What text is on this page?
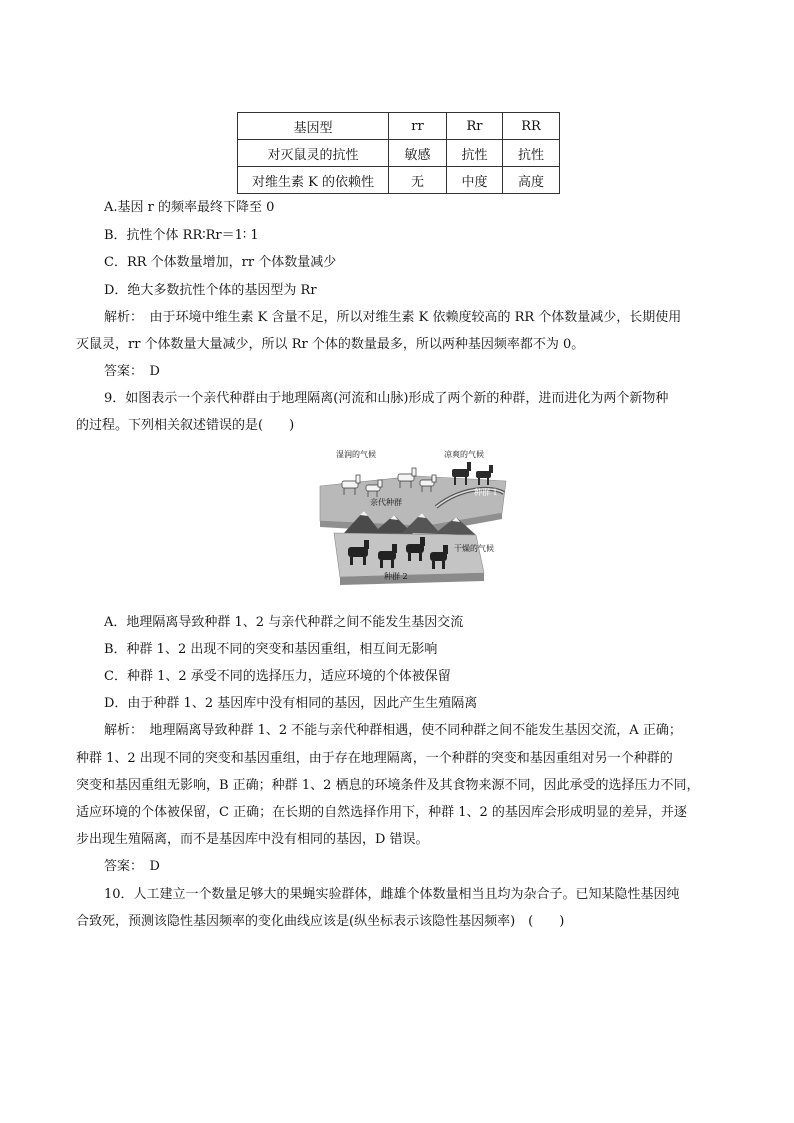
基因型	rr	Rr	RR
对灭鼠灵的抗性	敏感	抗性	抗性
对维生素 K 的依赖性	无	中度	高度
A.基因 r 的频率最终下降至 0
B．抗性个体 RR∶Rr＝1∶ 1
C．RR 个体数量增加，rr 个体数量减少
D．绝大多数抗性个体的基因型为 Rr
解析：　由于环境中维生素 K 含量不足，所以对维生素 K 依赖度较高的 RR 个体数量减少，长期使用
灭鼠灵，rr 个体数量大量减少，所以 Rr 个体的数量最多，所以两种基因频率都不为 0。
答案：　D
9．如图表示一个亲代种群由于地理隔离(河流和山脉)形成了两个新的种群，进而进化为两个新物种
的过程。下列相关叙述错误的是(　　)
湿润的气候	凉爽的气候
亲代种群
种群 1
干燥的气候
种群 2
A．地理隔离导致种群 1、2 与亲代种群之间不能发生基因交流
B．种群 1、2 出现不同的突变和基因重组，相互间无影响
C．种群 1、2 承受不同的选择压力，适应环境的个体被保留
D．由于种群 1、2 基因库中没有相同的基因，因此产生生殖隔离
解析：　地理隔离导致种群 1、2 不能与亲代种群相遇，使不同种群之间不能发生基因交流，A 正确；
种群 1、2 出现不同的突变和基因重组，由于存在地理隔离，一个种群的突变和基因重组对另一个种群的
突变和基因重组无影响，B 正确；种群 1、2 栖息的环境条件及其食物来源不同，因此承受的选择压力不同，
适应环境的个体被保留，C 正确；在长期的自然选择作用下，种群 1、2 的基因库会形成明显的差异，并逐
步出现生殖隔离，而不是基因库中没有相同的基因，D 错误。
答案：　D
10．人工建立一个数量足够大的果蝇实验群体，雌雄个体数量相当且均为杂合子。已知某隐性基因纯
合致死，预测该隐性基因频率的变化曲线应该是(纵坐标表示该隐性基因频率)　(　　)
